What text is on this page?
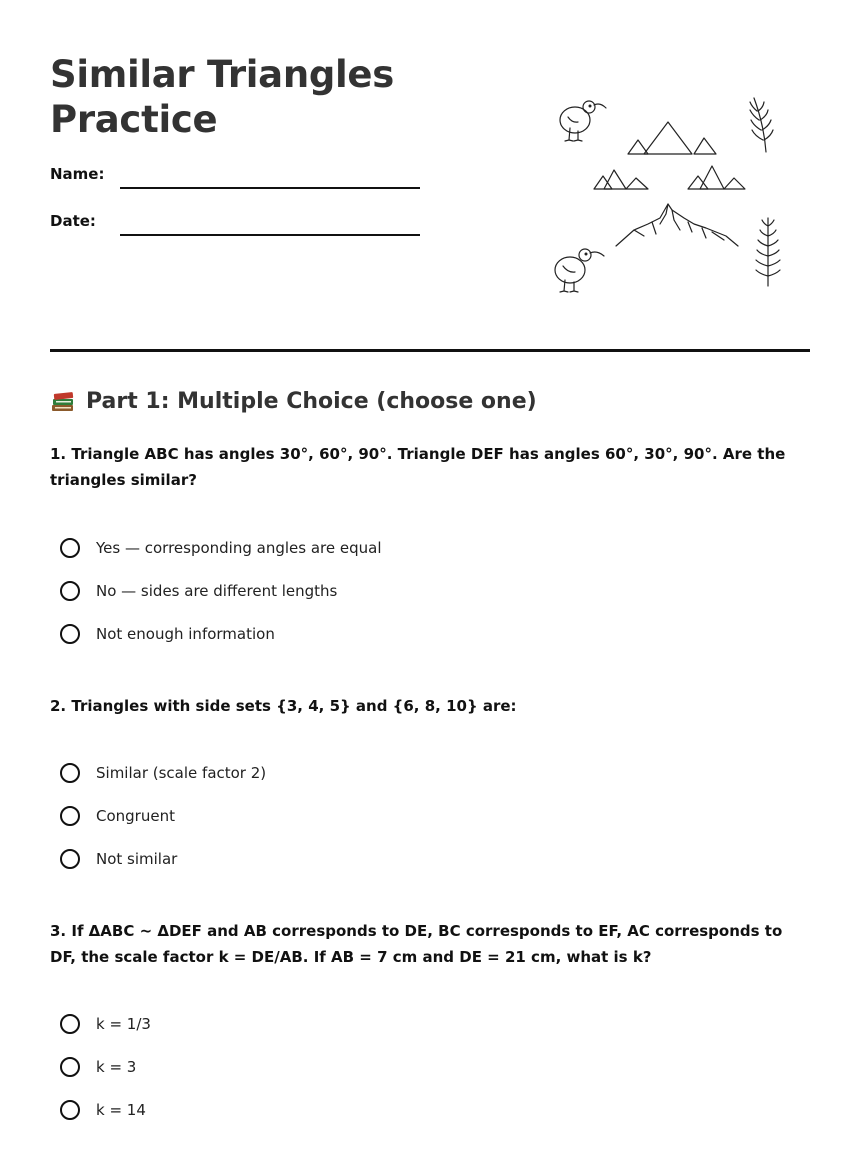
Similar Triangles
Practice
Name:
Date:
Part 1: Multiple Choice (choose one)

1. Triangle ABC has angles 30°, 60°, 90°. Triangle DEF has angles 60°, 30°, 90°. Are the triangles similar?

Yes — corresponding angles are equal
No — sides are different lengths
Not enough information

2. Triangles with side sets {3, 4, 5} and {6, 8, 10} are:

Similar (scale factor 2)
Congruent
Not similar

3. If ΔABC ~ ΔDEF and AB corresponds to DE, BC corresponds to EF, AC corresponds to DF, the scale factor k = DE/AB. If AB = 7 cm and DE = 21 cm, what is k?

k = 1/3
k = 3
k = 14
